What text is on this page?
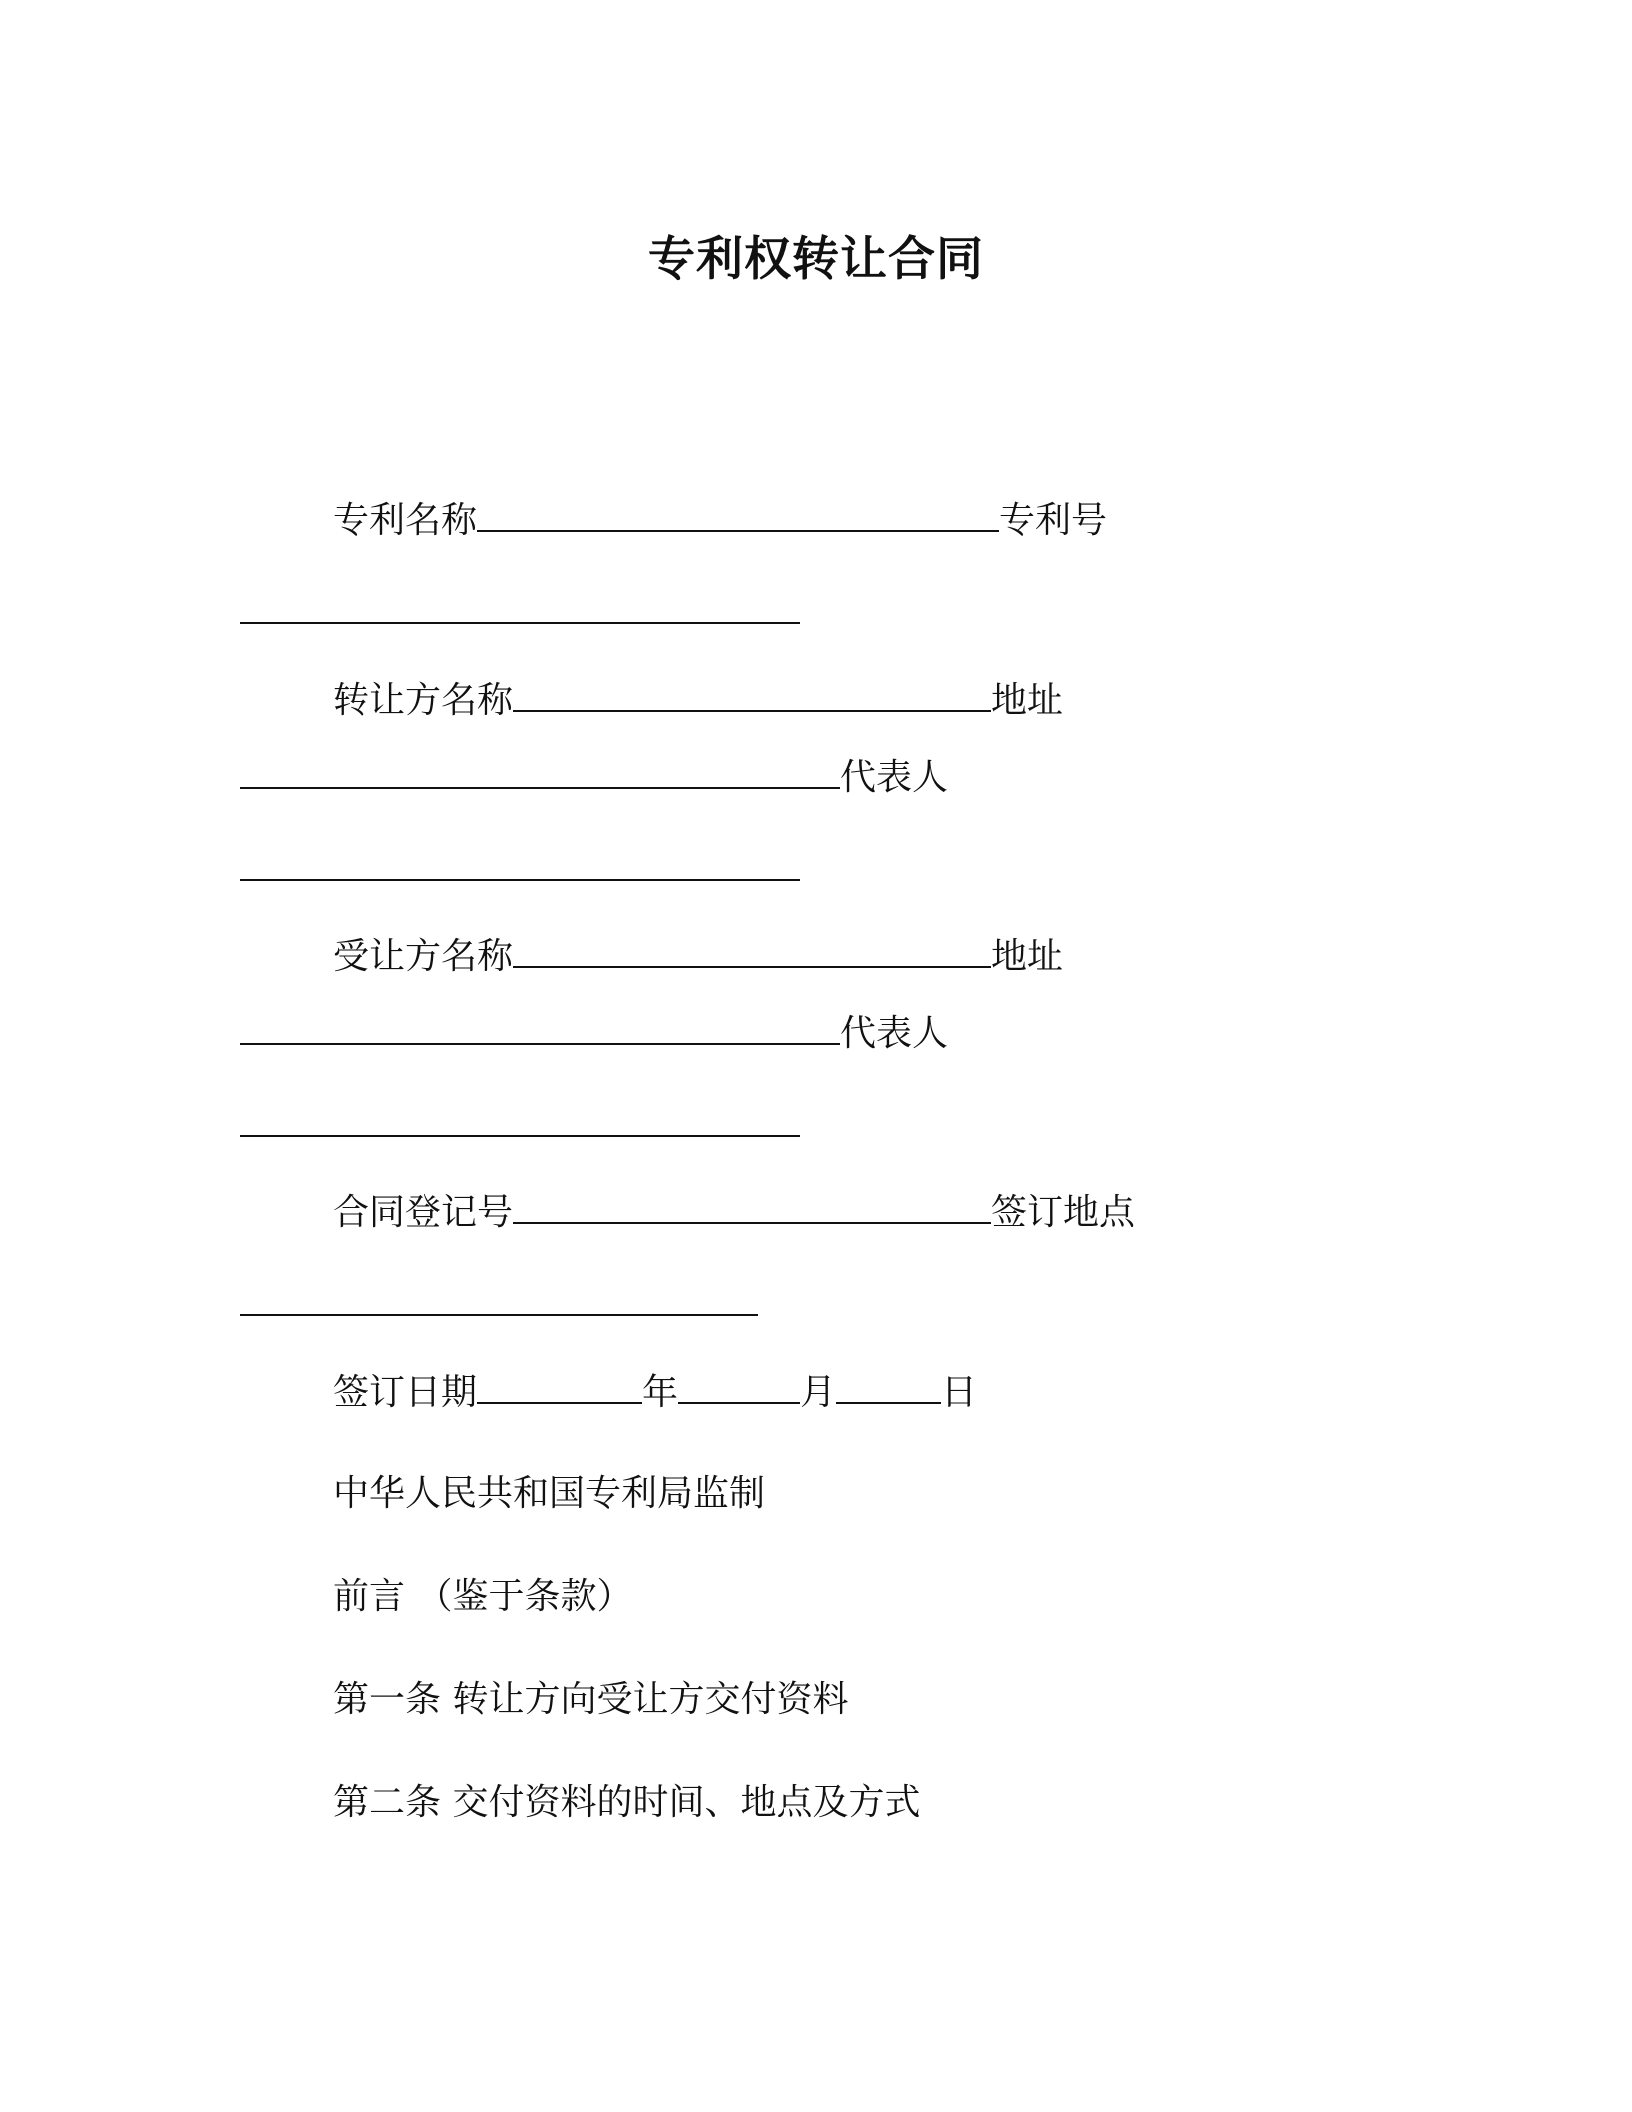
专利权转让合同
专利名称	专利号
转让方名称	地址
代表人
受让方名称	地址
代表人
合同登记号	签订地点
签订日期	年	月	日
中华人民共和国专利局监制
前言 （鉴于条款）
第一条 转让方向受让方交付资料
第二条 交付资料的时间、地点及方式
